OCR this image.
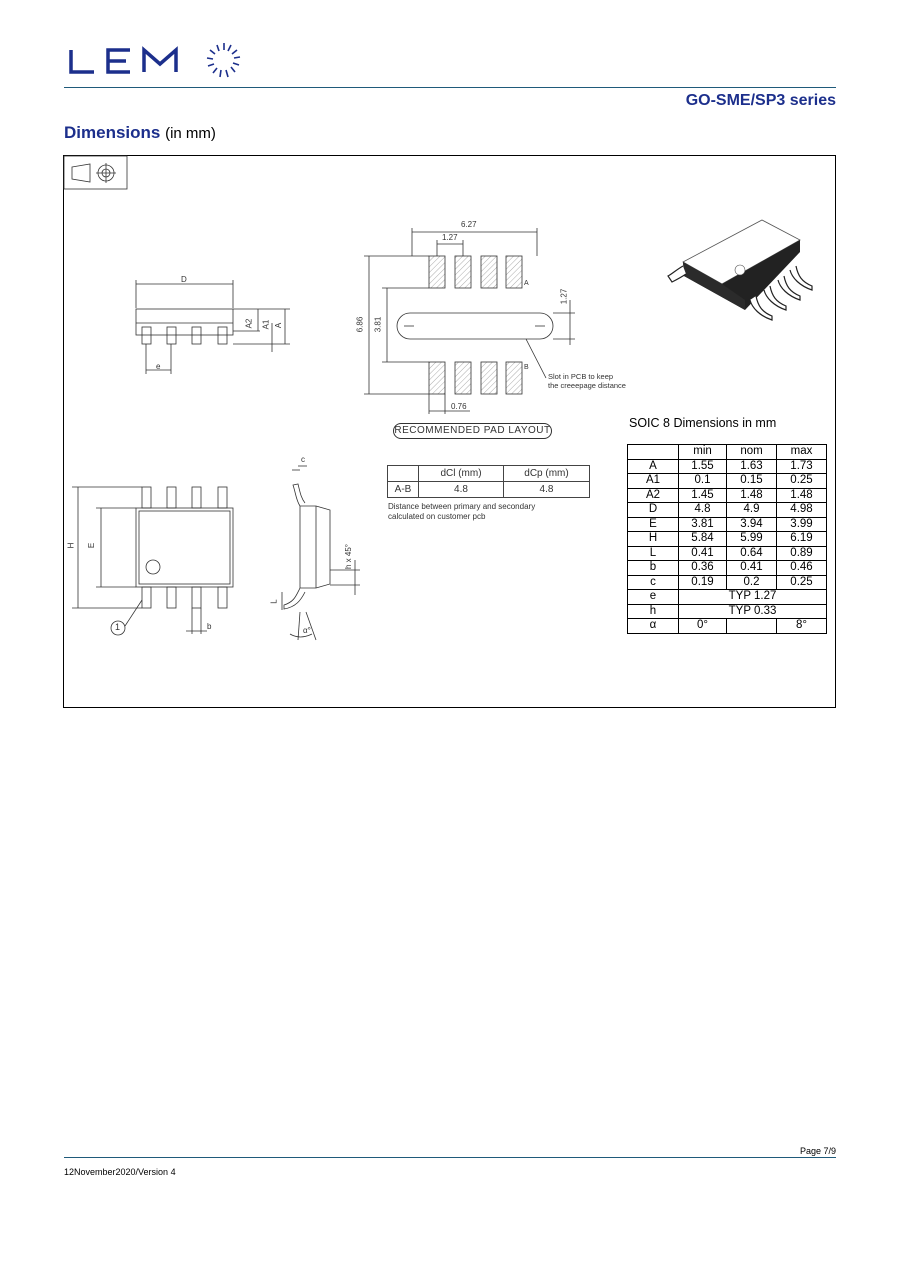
GO-SME/SP3 series
Dimensions (in mm)
D
A2 A1 A
e
H E
1	b
c
h x 45°
L
α°
6.27
1.27
6.86 3.81
1.27
0.76
A
B
Slot in PCB to keep
the creeepage distance
RECOMMENDED PAD LAYOUT
	dCl (mm)	dCp (mm)
A-B	4.8	4.8
Distance between primary and secondary
calculated on customer pcb
SOIC 8 Dimensions in mm
	min	nom	max
A	1.55	1.63	1.73
A1	0.1	0.15	0.25
A2	1.45	1.48	1.48
D	4.8	4.9	4.98
E	3.81	3.94	3.99
H	5.84	5.99	6.19
L	0.41	0.64	0.89
b	0.36	0.41	0.46
c	0.19	0.2	0.25
e	TYP 1.27		
h	TYP 0.33		
α	0°		8°
Page 7/9
12November2020/Version 4
